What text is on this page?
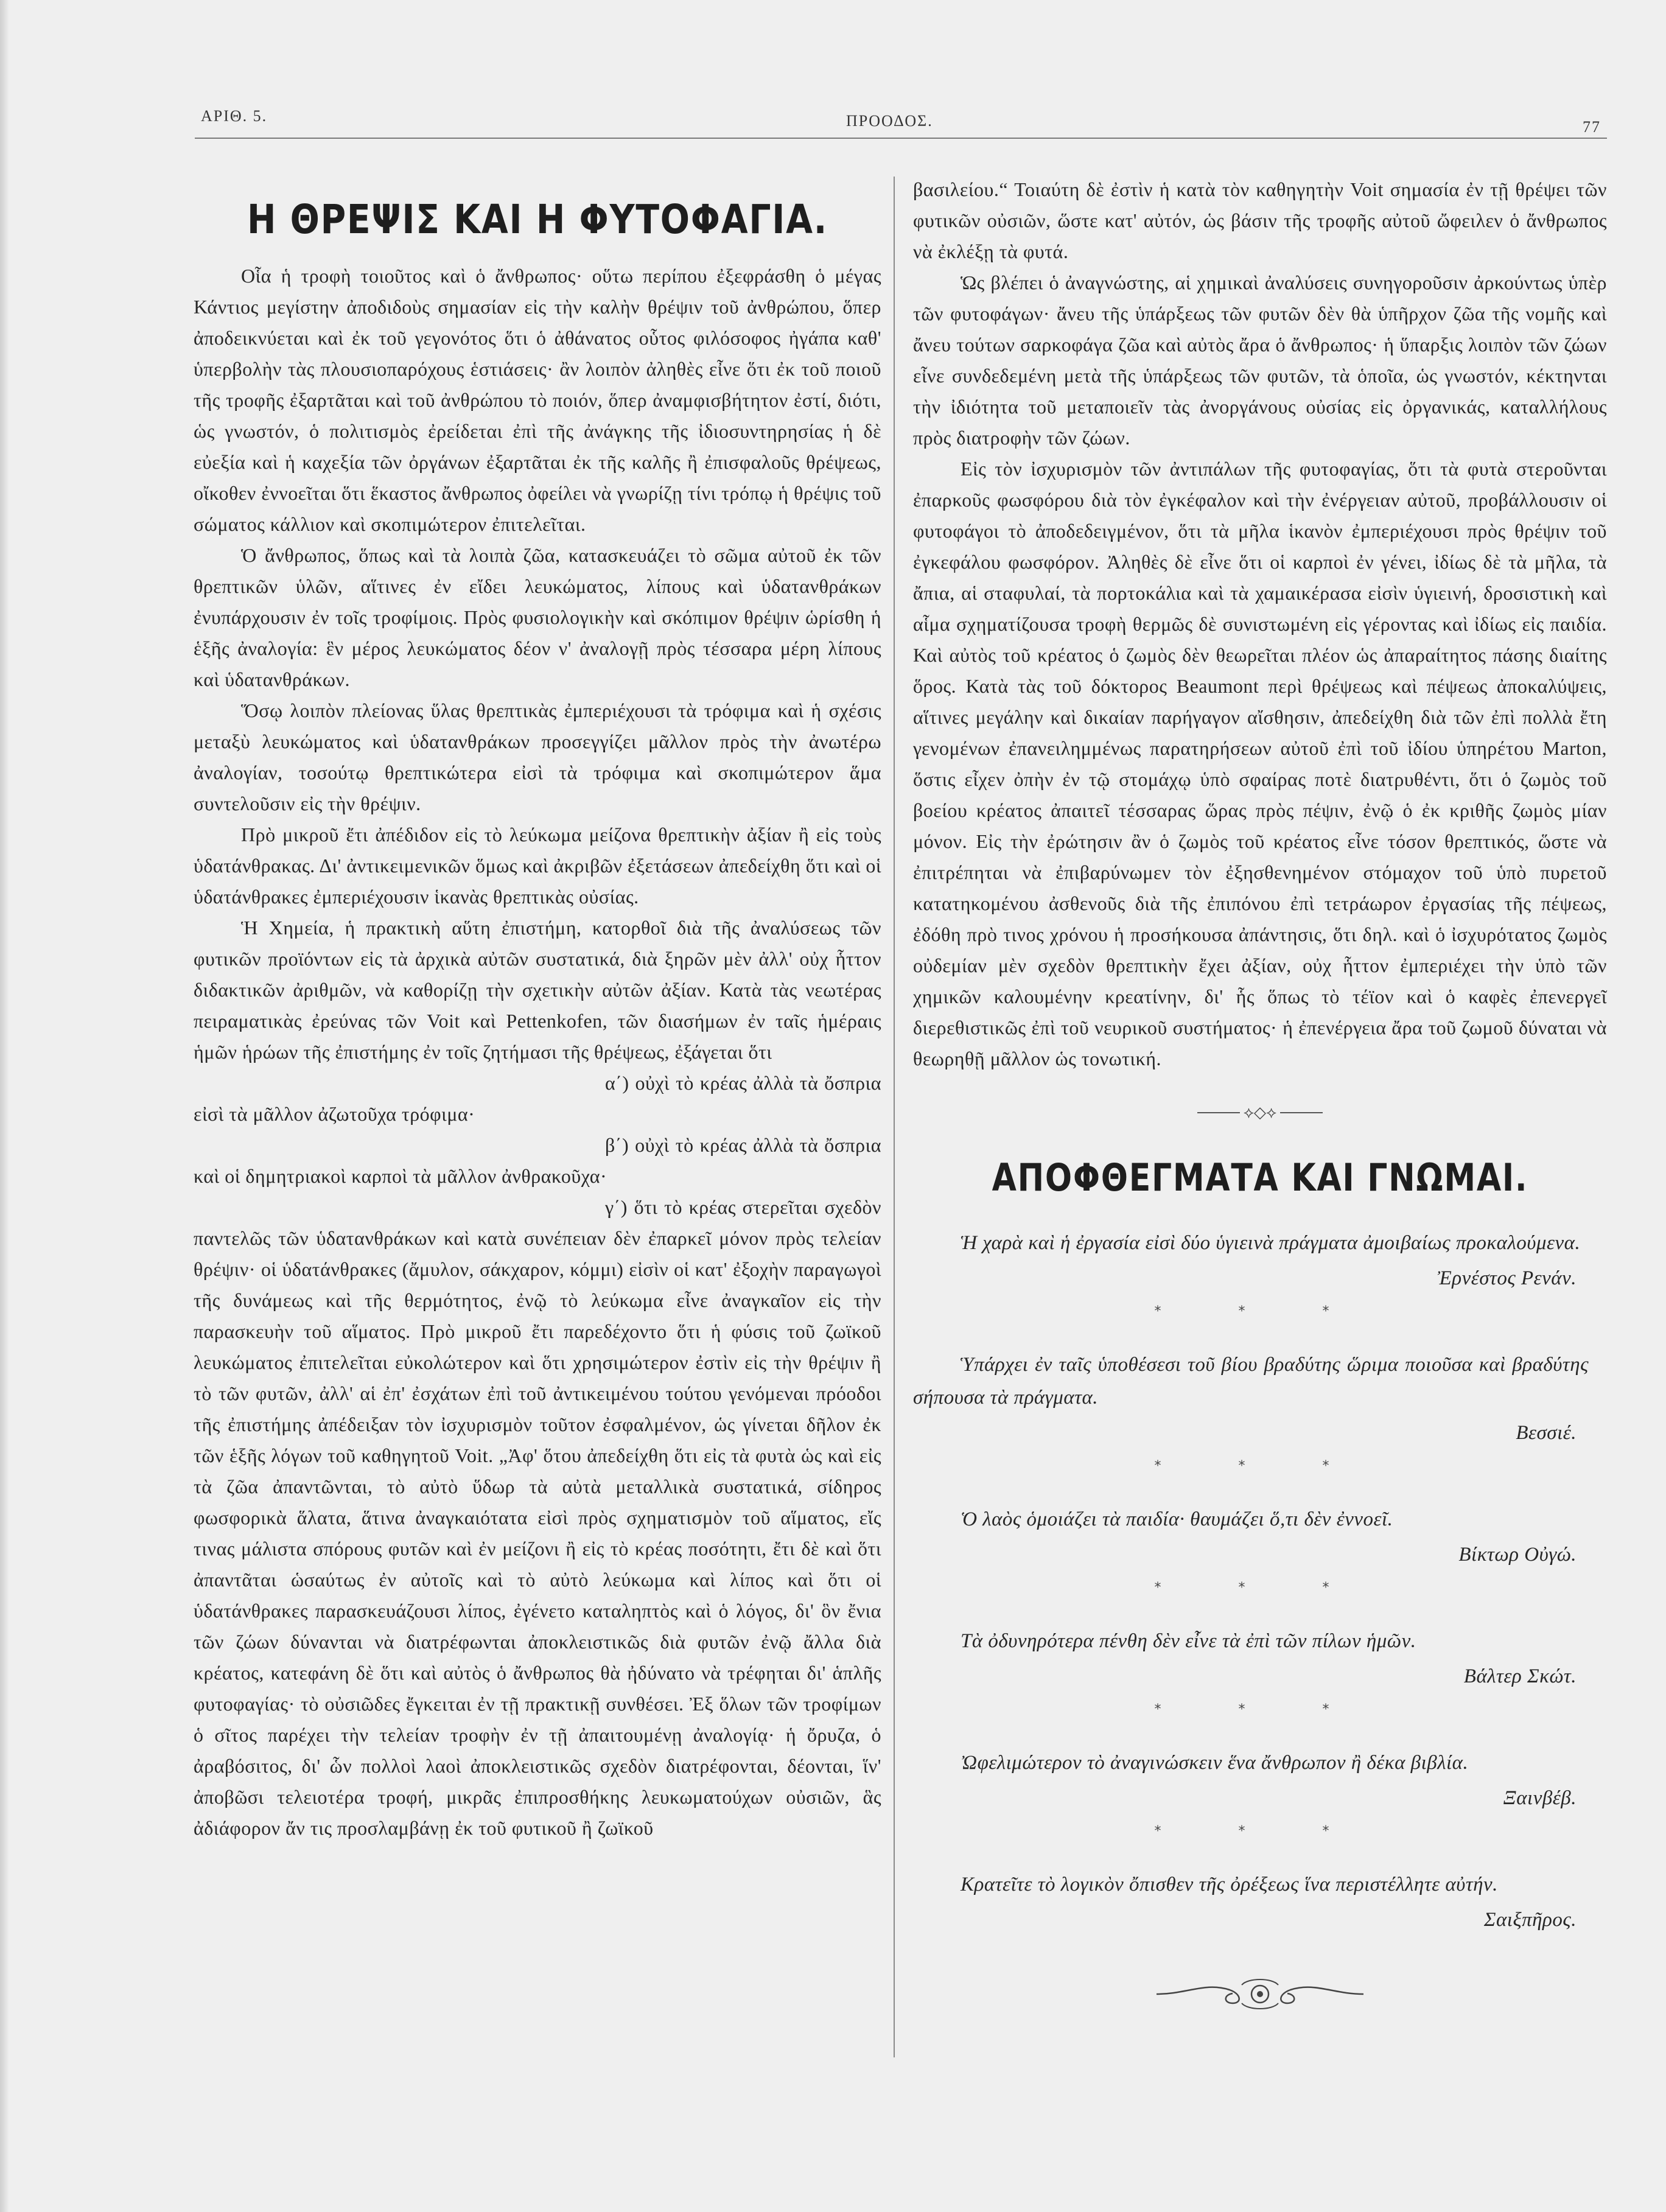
ΑΡΙΘ. 5.	ΠΡΟΟΔΟΣ.	77
Η ΘΡΕΨΙΣ ΚΑΙ Η ΦΥΤΟΦΑΓΙΑ.

Οἷα ἡ τροφὴ τοιοῦτος καὶ ὁ ἄνθρωπος· οὕτω περίπου ἐξεφράσθη ὁ μέγας Κάντιος μεγίστην ἀποδιδοὺς σημασίαν εἰς τὴν καλὴν θρέψιν τοῦ ἀνθρώπου, ὅπερ ἀποδεικνύεται καὶ ἐκ τοῦ γεγονότος ὅτι ὁ ἀθάνατος οὗτος φιλόσοφος ἠγάπα καθ' ὑπερβολὴν τὰς πλουσιοπαρόχους ἑστιάσεις· ἂν λοιπὸν ἀληθὲς εἶνε ὅτι ἐκ τοῦ ποιοῦ τῆς τροφῆς ἐξαρτᾶται καὶ τοῦ ἀνθρώπου τὸ ποιόν, ὅπερ ἀναμφισβήτητον ἐστί, διότι, ὡς γνωστόν, ὁ πολιτισμὸς ἐρείδεται ἐπὶ τῆς ἀνάγκης τῆς ἰδιοσυντηρησίας ἡ δὲ εὐεξία καὶ ἡ καχεξία τῶν ὀργάνων ἐξαρτᾶται ἐκ τῆς καλῆς ἢ ἐπισφαλοῦς θρέψεως, οἴκοθεν ἐννοεῖται ὅτι ἕκαστος ἄνθρωπος ὀφείλει νὰ γνωρίζῃ τίνι τρόπῳ ἡ θρέψις τοῦ σώματος κάλλιον καὶ σκοπιμώτερον ἐπιτελεῖται.

Ὁ ἄνθρωπος, ὅπως καὶ τὰ λοιπὰ ζῶα, κατασκευάζει τὸ σῶμα αὐτοῦ ἐκ τῶν θρεπτικῶν ὑλῶν, αἵτινες ἐν εἴδει λευκώματος, λίπους καὶ ὑδατανθράκων ἐνυπάρχουσιν ἐν τοῖς τροφίμοις. Πρὸς φυσιολογικὴν καὶ σκόπιμον θρέψιν ὡρίσθη ἡ ἑξῆς ἀναλογία: ἓν μέρος λευκώματος δέον ν' ἀναλογῇ πρὸς τέσσαρα μέρη λίπους καὶ ὑδατανθράκων.

Ὅσῳ λοιπὸν πλείονας ὕλας θρεπτικὰς ἐμπεριέχουσι τὰ τρόφιμα καὶ ἡ σχέσις μεταξὺ λευκώματος καὶ ὑδατανθράκων προσεγγίζει μᾶλλον πρὸς τὴν ἀνωτέρω ἀναλογίαν, τοσούτῳ θρεπτικώτερα εἰσὶ τὰ τρόφιμα καὶ σκοπιμώτερον ἅμα συντελοῦσιν εἰς τὴν θρέψιν.

Πρὸ μικροῦ ἔτι ἀπέδιδον εἰς τὸ λεύκωμα μείζονα θρεπτικὴν ἀξίαν ἢ εἰς τοὺς ὑδατάνθρακας. Δι' ἀντικειμενικῶν ὅμως καὶ ἀκριβῶν ἐξετάσεων ἀπεδείχθη ὅτι καὶ οἱ ὑδατάνθρακες ἐμπεριέχουσιν ἱκανὰς θρεπτικὰς οὐσίας.

Ἡ Χημεία, ἡ πρακτικὴ αὕτη ἐπιστήμη, κατορθοῖ διὰ τῆς ἀναλύσεως τῶν φυτικῶν προϊόντων εἰς τὰ ἀρχικὰ αὐτῶν συστατικά, διὰ ξηρῶν μὲν ἀλλ' οὐχ ἧττον διδακτικῶν ἀριθμῶν, νὰ καθορίζῃ τὴν σχετικὴν αὐτῶν ἀξίαν. Κατὰ τὰς νεωτέρας πειραματικὰς ἐρεύνας τῶν Voit καὶ Pettenkofen, τῶν διασήμων ἐν ταῖς ἡμέραις ἡμῶν ἡρώων τῆς ἐπιστήμης ἐν τοῖς ζητήμασι τῆς θρέψεως, ἐξάγεται ὅτι

α΄) οὐχὶ τὸ κρέας ἀλλὰ τὰ ὄσπρια εἰσὶ τὰ μᾶλλον ἀζωτοῦχα τρόφιμα·

β΄) οὐχὶ τὸ κρέας ἀλλὰ τὰ ὄσπρια καὶ οἱ δημητριακοὶ καρποὶ τὰ μᾶλλον ἀνθρακοῦχα·

γ΄) ὅτι τὸ κρέας στερεῖται σχεδὸν παντελῶς τῶν ὑδατανθράκων καὶ κατὰ συνέπειαν δὲν ἐπαρκεῖ μόνον πρὸς τελείαν θρέψιν· οἱ ὑδατάνθρακες (ἄμυλον, σάκχαρον, κόμμι) εἰσὶν οἱ κατ' ἐξοχὴν παραγωγοὶ τῆς δυνάμεως καὶ τῆς θερμότητος, ἐνῷ τὸ λεύκωμα εἶνε ἀναγκαῖον εἰς τὴν παρασκευὴν τοῦ αἵματος. Πρὸ μικροῦ ἔτι παρεδέχοντο ὅτι ἡ φύσις τοῦ ζωϊκοῦ λευκώματος ἐπιτελεῖται εὐκολώτερον καὶ ὅτι χρησιμώτερον ἐστὶν εἰς τὴν θρέψιν ἢ τὸ τῶν φυτῶν, ἀλλ' αἱ ἐπ' ἐσχάτων ἐπὶ τοῦ ἀντικειμένου τούτου γενόμεναι πρόοδοι τῆς ἐπιστήμης ἀπέδειξαν τὸν ἰσχυρισμὸν τοῦτον ἐσφαλμένον, ὡς γίνεται δῆλον ἐκ τῶν ἑξῆς λόγων τοῦ καθηγητοῦ Voit. „Ἀφ' ὅτου ἀπεδείχθη ὅτι εἰς τὰ φυτὰ ὡς καὶ εἰς τὰ ζῶα ἀπαντῶνται, τὸ αὐτὸ ὕδωρ τὰ αὐτὰ μεταλλικὰ συστατικά, σίδηρος φωσφορικὰ ἅλατα, ἅτινα ἀναγκαιότατα εἰσὶ πρὸς σχηματισμὸν τοῦ αἵματος, εἴς τινας μάλιστα σπόρους φυτῶν καὶ ἐν μείζονι ἢ εἰς τὸ κρέας ποσότητι, ἔτι δὲ καὶ ὅτι ἀπαντᾶται ὡσαύτως ἐν αὐτοῖς καὶ τὸ αὐτὸ λεύκωμα καὶ λίπος καὶ ὅτι οἱ ὑδατάνθρακες παρασκευάζουσι λίπος, ἐγένετο καταληπτὸς καὶ ὁ λόγος, δι' ὃν ἔνια τῶν ζώων δύνανται νὰ διατρέφωνται ἀποκλειστικῶς διὰ φυτῶν ἐνῷ ἄλλα διὰ κρέατος, κατεφάνη δὲ ὅτι καὶ αὐτὸς ὁ ἄνθρωπος θὰ ἠδύνατο νὰ τρέφηται δι' ἁπλῆς φυτοφαγίας· τὸ οὐσιῶδες ἔγκειται ἐν τῇ πρακτικῇ συνθέσει. Ἐξ ὅλων τῶν τροφίμων ὁ σῖτος παρέχει τὴν τελείαν τροφὴν ἐν τῇ ἀπαιτουμένῃ ἀναλογίᾳ· ἡ ὄρυζα, ὁ ἀραβόσιτος, δι' ὧν πολλοὶ λαοὶ ἀποκλειστικῶς σχεδὸν διατρέφονται, δέονται, ἵν' ἀποβῶσι τελειοτέρα τροφή, μικρᾶς ἐπιπροσθήκης λευκωματούχων οὐσιῶν, ἃς ἀδιάφορον ἄν τις προσλαμβάνῃ ἐκ τοῦ φυτικοῦ ἢ ζωϊκοῦ

βασιλείου.“ Τοιαύτη δὲ ἐστὶν ἡ κατὰ τὸν καθηγητὴν Voit σημασία ἐν τῇ θρέψει τῶν φυτικῶν οὐσιῶν, ὥστε κατ' αὐτόν, ὡς βάσιν τῆς τροφῆς αὐτοῦ ὤφειλεν ὁ ἄνθρωπος νὰ ἐκλέξῃ τὰ φυτά.

Ὡς βλέπει ὁ ἀναγνώστης, αἱ χημικαὶ ἀναλύσεις συνηγοροῦσιν ἀρκούντως ὑπὲρ τῶν φυτοφάγων· ἄνευ τῆς ὑπάρξεως τῶν φυτῶν δὲν θὰ ὑπῆρχον ζῶα τῆς νομῆς καὶ ἄνευ τούτων σαρκοφάγα ζῶα καὶ αὐτὸς ἄρα ὁ ἄνθρωπος· ἡ ὕπαρξις λοιπὸν τῶν ζώων εἶνε συνδεδεμένη μετὰ τῆς ὑπάρξεως τῶν φυτῶν, τὰ ὁποῖα, ὡς γνωστόν, κέκτηνται τὴν ἰδιότητα τοῦ μεταποιεῖν τὰς ἀνοργάνους οὐσίας εἰς ὀργανικάς, καταλλήλους πρὸς διατροφὴν τῶν ζώων.

Εἰς τὸν ἰσχυρισμὸν τῶν ἀντιπάλων τῆς φυτοφαγίας, ὅτι τὰ φυτὰ στεροῦνται ἐπαρκοῦς φωσφόρου διὰ τὸν ἐγκέφαλον καὶ τὴν ἐνέργειαν αὐτοῦ, προβάλλουσιν οἱ φυτοφάγοι τὸ ἀποδεδειγμένον, ὅτι τὰ μῆλα ἱκανὸν ἐμπεριέχουσι πρὸς θρέψιν τοῦ ἐγκεφάλου φωσφόρον. Ἀληθὲς δὲ εἶνε ὅτι οἱ καρποὶ ἐν γένει, ἰδίως δὲ τὰ μῆλα, τὰ ἄπια, αἱ σταφυλαί, τὰ πορτοκάλια καὶ τὰ χαμαικέρασα εἰσὶν ὑγιεινή, δροσιστικὴ καὶ αἷμα σχηματίζουσα τροφὴ θερμῶς δὲ συνιστωμένη εἰς γέροντας καὶ ἰδίως εἰς παιδία. Καὶ αὐτὸς τοῦ κρέατος ὁ ζωμὸς δὲν θεωρεῖται πλέον ὡς ἀπαραίτητος πάσης διαίτης ὅρος. Κατὰ τὰς τοῦ δόκτορος Beaumont περὶ θρέψεως καὶ πέψεως ἀποκαλύψεις, αἵτινες μεγάλην καὶ δικαίαν παρήγαγον αἴσθησιν, ἀπεδείχθη διὰ τῶν ἐπὶ πολλὰ ἔτη γενομένων ἐπανειλημμένως παρατηρήσεων αὐτοῦ ἐπὶ τοῦ ἰδίου ὑπηρέτου Marton, ὅστις εἶχεν ὀπὴν ἐν τῷ στομάχῳ ὑπὸ σφαίρας ποτὲ διατρυθέντι, ὅτι ὁ ζωμὸς τοῦ βοείου κρέατος ἀπαιτεῖ τέσσαρας ὥρας πρὸς πέψιν, ἐνῷ ὁ ἐκ κριθῆς ζωμὸς μίαν μόνον. Εἰς τὴν ἐρώτησιν ἂν ὁ ζωμὸς τοῦ κρέατος εἶνε τόσον θρεπτικός, ὥστε νὰ ἐπιτρέπηται νὰ ἐπιβαρύνωμεν τὸν ἐξησθενημένον στόμαχον τοῦ ὑπὸ πυρετοῦ κατατηκομένου ἀσθενοῦς διὰ τῆς ἐπιπόνου ἐπὶ τετράωρον ἐργασίας τῆς πέψεως, ἐδόθη πρὸ τινος χρόνου ἡ προσήκουσα ἀπάντησις, ὅτι δηλ. καὶ ὁ ἰσχυρότατος ζωμὸς οὐδεμίαν μὲν σχεδὸν θρεπτικὴν ἔχει ἀξίαν, οὐχ ἧττον ἐμπεριέχει τὴν ὑπὸ τῶν χημικῶν καλουμένην κρεατίνην, δι' ἧς ὅπως τὸ τέϊον καὶ ὁ καφὲς ἐπενεργεῖ διερεθιστικῶς ἐπὶ τοῦ νευρικοῦ συστήματος· ἡ ἐπενέργεια ἄρα τοῦ ζωμοῦ δύναται νὰ θεωρηθῇ μᾶλλον ὡς τονωτική.

⟡◇⟡
ΑΠΟΦΘΕΓΜΑΤΑ ΚΑΙ ΓΝΩΜΑΙ.

Ἡ χαρὰ καὶ ἡ ἐργασία εἰσὶ δύο ὑγιεινὰ πράγματα ἀμοιβαίως προκαλούμενα.

Ἐρνέστος Ρενάν.

* * *

Ὑπάρχει ἐν ταῖς ὑποθέσεσι τοῦ βίου βραδύτης ὥριμα ποιοῦσα καὶ βραδύτης σήπουσα τὰ πράγματα.

Βεσσιέ.

* * *

Ὁ λαὸς ὁμοιάζει τὰ παιδία· θαυμάζει ὅ,τι δὲν ἐννοεῖ.

Βίκτωρ Οὐγώ.

* * *

Τὰ ὀδυνηρότερα πένθη δὲν εἶνε τὰ ἐπὶ τῶν πίλων ἡμῶν.

Βάλτερ Σκώτ.

* * *

Ὠφελιμώτερον τὸ ἀναγινώσκειν ἕνα ἄνθρωπον ἢ δέκα βιβλία.

Ξαινβέβ.

* * *

Κρατεῖτε τὸ λογικὸν ὄπισθεν τῆς ὀρέξεως ἵνα περιστέλλητε αὐτήν.

Σαιξπῆρος.
